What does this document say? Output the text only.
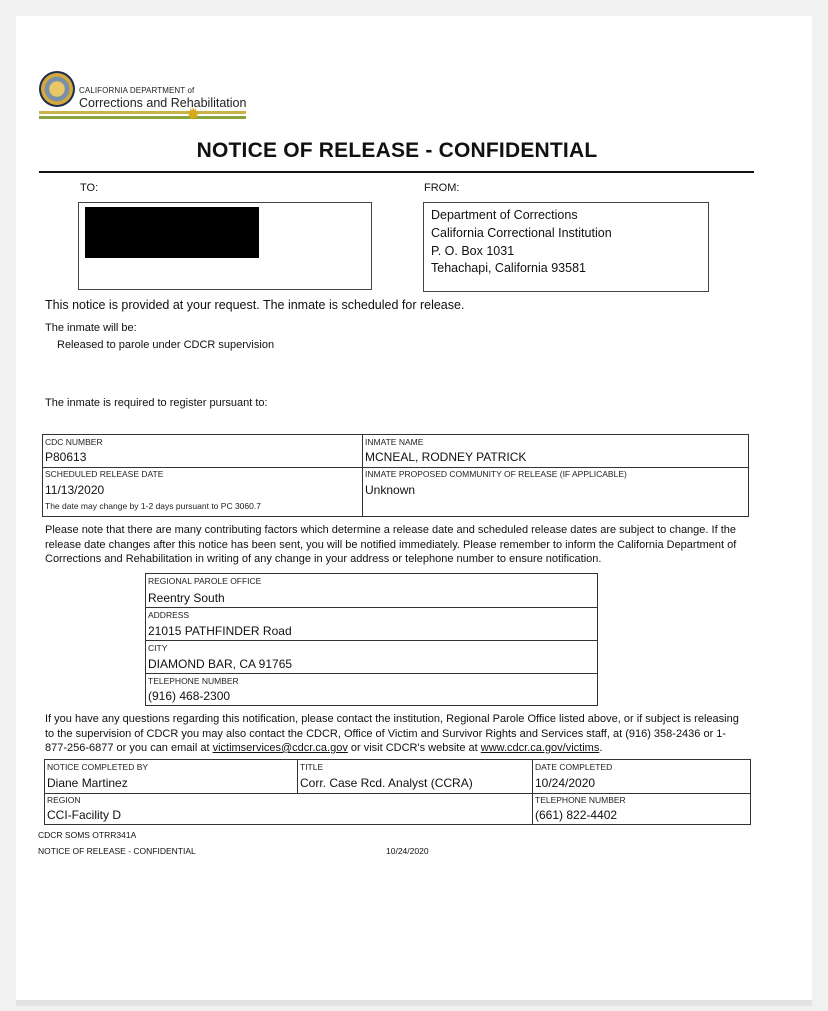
CALIFORNIA DEPARTMENT of
Corrections and Rehabilitation
✹
NOTICE OF RELEASE - CONFIDENTIAL
TO:	FROM:
Department of Corrections
California Correctional Institution
P. O. Box 1031
Tehachapi, California 93581
This notice is provided at your request. The inmate is scheduled for release.
The inmate will be:
Released to parole under CDCR supervision
The inmate is required to register pursuant to:
CDC NUMBER
P80613
INMATE NAME
MCNEAL, RODNEY PATRICK
SCHEDULED RELEASE DATE
11/13/2020
The date may change by 1-2 days pursuant to PC 3060.7
INMATE PROPOSED COMMUNITY OF RELEASE (IF APPLICABLE)
Unknown
Please note that there are many contributing factors which determine a release date and scheduled release dates are subject to change. If the release date changes after this notice has been sent, you will be notified immediately. Please remember to inform the California Department of Corrections and Rehabilitation in writing of any change in your address or telephone number to ensure notification.
REGIONAL PAROLE OFFICE
Reentry South
ADDRESS
21015 PATHFINDER Road
CITY
DIAMOND BAR, CA 91765
TELEPHONE NUMBER
(916) 468-2300
If you have any questions regarding this notification, please contact the institution, Regional Parole Office listed above, or if subject is releasing to the supervision of CDCR you may also contact the CDCR, Office of Victim and Survivor Rights and Services staff, at (916) 358-2436 or 1-877-256-6877 or you can email at victimservices@cdcr.ca.gov or visit CDCR's website at www.cdcr.ca.gov/victims.
NOTICE COMPLETED BY
Diane Martinez
TITLE
Corr. Case Rcd. Analyst (CCRA)
DATE COMPLETED
10/24/2020
REGION
CCI-Facility D
TELEPHONE NUMBER
(661) 822-4402
CDCR SOMS OTRR341A
NOTICE OF RELEASE - CONFIDENTIAL	10/24/2020
